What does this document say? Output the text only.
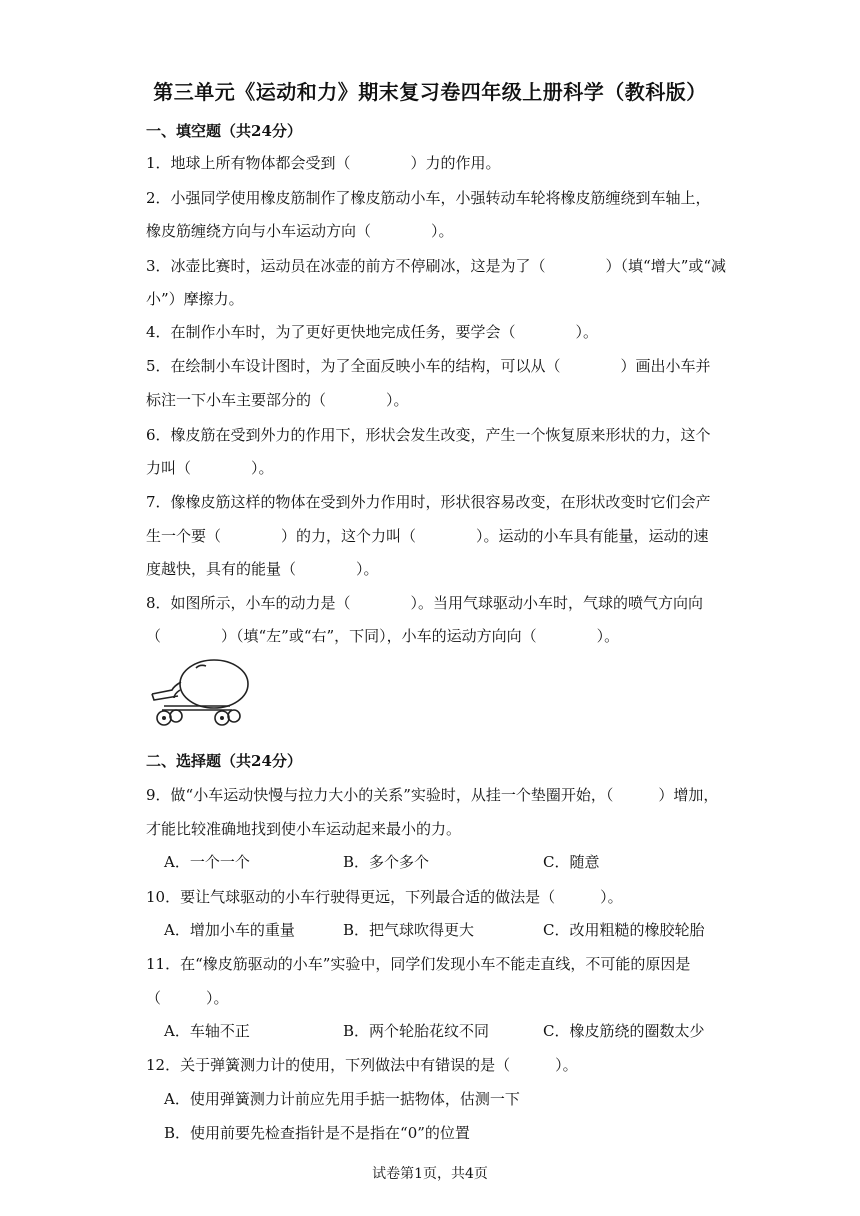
第三单元《运动和力》期末复习卷四年级上册科学（教科版）
一、填空题（共24分）
1．地球上所有物体都会受到（　　　　）力的作用。
2．小强同学使用橡皮筋制作了橡皮筋动小车，小强转动车轮将橡皮筋缠绕到车轴上，
橡皮筋缠绕方向与小车运动方向（　　　　）。
3．冰壶比赛时，运动员在冰壶的前方不停刷冰，这是为了（　　　　）（填“增大”或“减
小”）摩擦力。
4．在制作小车时，为了更好更快地完成任务，要学会（　　　　）。
5．在绘制小车设计图时，为了全面反映小车的结构，可以从（　　　　）画出小车并
标注一下小车主要部分的（　　　　）。
6．橡皮筋在受到外力的作用下，形状会发生改变，产生一个恢复原来形状的力，这个
力叫（　　　　）。
7．像橡皮筋这样的物体在受到外力作用时，形状很容易改变，在形状改变时它们会产
生一个要（　　　　）的力，这个力叫（　　　　）。运动的小车具有能量，运动的速
度越快，具有的能量（　　　　）。
8．如图所示，小车的动力是（　　　　）。当用气球驱动小车时，气球的喷气方向向
（　　　　）（填“左”或“右”，下同），小车的运动方向向（　　　　）。
二、选择题（共24分）
9．做“小车运动快慢与拉力大小的关系”实验时，从挂一个垫圈开始，（　　　）增加，
才能比较准确地找到使小车运动起来最小的力。
A．一个一个	B．多个多个	C．随意
10．要让气球驱动的小车行驶得更远，下列最合适的做法是（　　　）。
A．增加小车的重量	B．把气球吹得更大	C．改用粗糙的橡胶轮胎
11．在“橡皮筋驱动的小车”实验中，同学们发现小车不能走直线，不可能的原因是
（　　　）。
A．车轴不正	B．两个轮胎花纹不同	C．橡皮筋绕的圈数太少
12．关于弹簧测力计的使用，下列做法中有错误的是（　　　）。
A．使用弹簧测力计前应先用手掂一掂物体，估测一下
B．使用前要先检查指针是不是指在“0”的位置
试卷第1页，共4页
